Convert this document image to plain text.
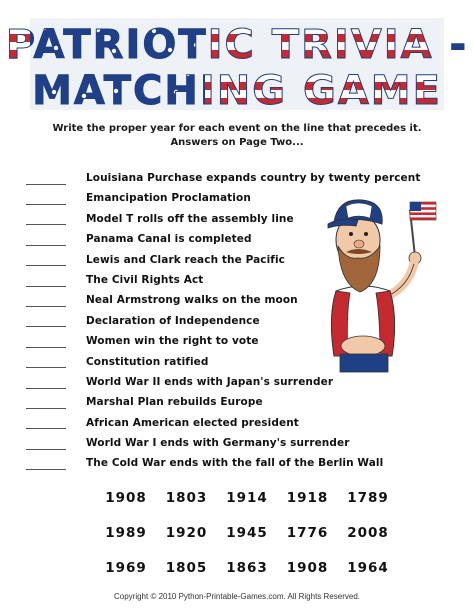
PATRIOTIC TRIVIA -
MATCHING GAME
Write the proper year for each event on the line that precedes it.
Answers on Page Two...
Louisiana Purchase expands country by twenty percent
Emancipation Proclamation
Model T rolls off the assembly line
Panama Canal is completed
Lewis and Clark reach the Pacific
The Civil Rights Act
Neal Armstrong walks on the moon
Declaration of Independence
Women win the right to vote
Constitution ratified
World War II ends with Japan's surrender
Marshal Plan rebuilds Europe
African American elected president
World War I ends with Germany's surrender
The Cold War ends with the fall of the Berlin Wall
1908 1803 1914 1918 1789
1989 1920 1945 1776 2008
1969 1805 1863 1908 1964
Copyright © 2010 Python-Printable-Games.com. All Rights Reserved.
